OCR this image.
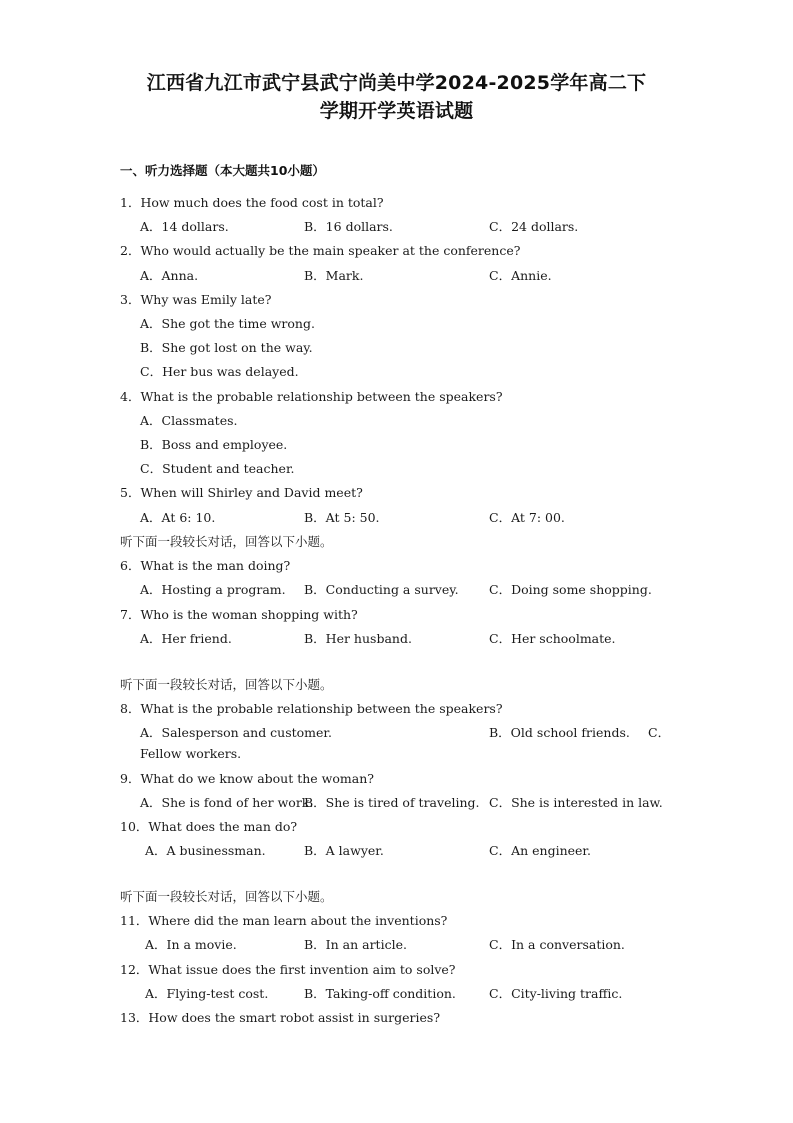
江西省九江市武宁县武宁尚美中学2024-2025学年高二下
学期开学英语试题
一、听力选择题（本大题共10小题）
1．How much does the food cost in total?
A．14 dollars.	B．16 dollars.	C．24 dollars.
2．Who would actually be the main speaker at the conference?
A．Anna.	B．Mark.	C．Annie.
3．Why was Emily late?
A．She got the time wrong.
B．She got lost on the way.
C．Her bus was delayed.
4．What is the probable relationship between the speakers?
A．Classmates.
B．Boss and employee.
C．Student and teacher.
5．When will Shirley and David meet?
A．At 6: 10.	B．At 5: 50.	C．At 7: 00.
听下面一段较长对话，回答以下小题。
6．What is the man doing?
A．Hosting a program. B．Conducting a survey. C．Doing some shopping.
7．Who is the woman shopping with?
A．Her friend.	B．Her husband.	C．Her schoolmate.
听下面一段较长对话，回答以下小题。
8．What is the probable relationship between the speakers?
A．Salesperson and customer.	B．Old school friends. C．
Fellow workers.
9．What do we know about the woman?
A．She is fond of her work.
B．She is tired of traveling. C．She is interested in law.
10．What does the man do?
A．A businessman.	B．A lawyer.	C．An engineer.
听下面一段较长对话，回答以下小题。
11．Where did the man learn about the inventions?
A．In a movie.	B．In an article.	C．In a conversation.
12．What issue does the first invention aim to solve?
A．Flying-test cost.	B．Taking-off condition.	C．City-living traffic.
13．How does the smart robot assist in surgeries?
